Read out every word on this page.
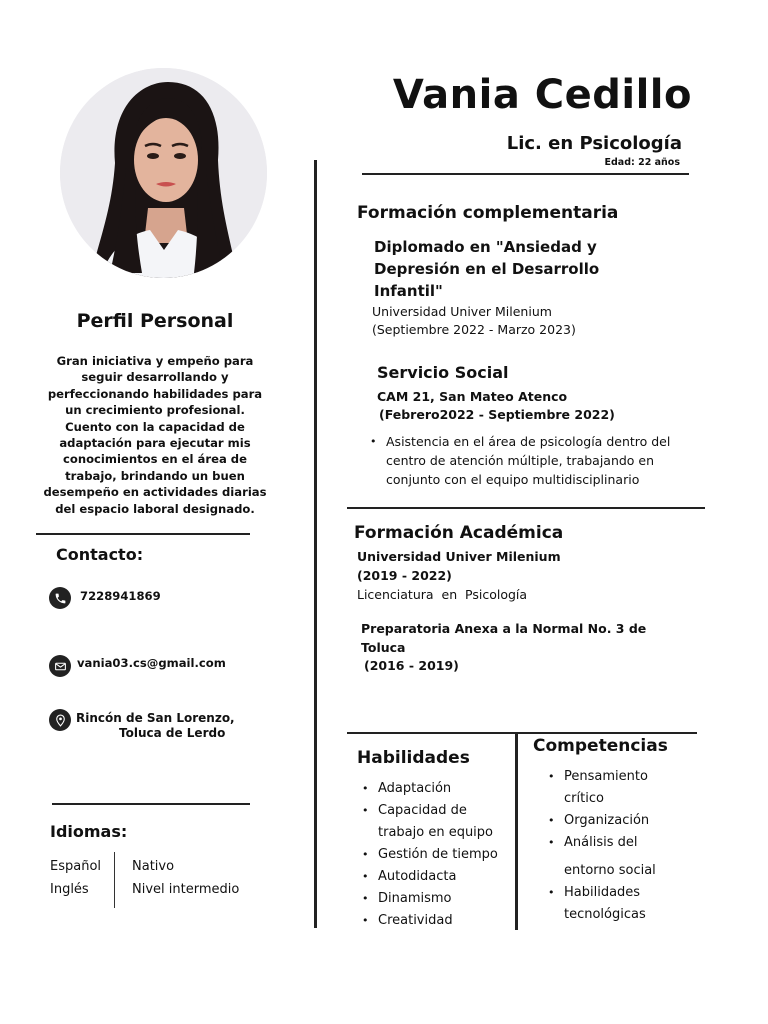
Perfil Personal
Gran iniciativa y empeño para seguir desarrollando y perfeccionando habilidades para un crecimiento profesional. Cuento con la capacidad de adaptación para ejecutar mis conocimientos en el área de trabajo, brindando un buen desempeño en actividades diarias del espacio laboral designado.
Contacto:
7228941869
vania03.cs@gmail.com
Rincón de San Lorenzo,
Toluca de Lerdo
Idiomas:
Español
Inglés
Nativo
Nivel intermedio
Vania Cedillo
Lic. en Psicología
Edad: 22 años
Formación complementaria
Diplomado en "Ansiedad y
Depresión en el Desarrollo
Infantil"
Universidad Univer Milenium
(Septiembre 2022 - Marzo 2023)
Servicio Social
CAM 21, San Mateo Atenco
(Febrero2022 - Septiembre 2022)
• Asistencia en el área de psicología dentro del centro de atención múltiple, trabajando en conjunto con el equipo multidisciplinario
Formación Académica
Universidad Univer Milenium
(2019 - 2022)
Licenciatura  en  Psicología
Preparatoria Anexa a la Normal No. 3 de
Toluca
(2016 - 2019)
Habilidades
• Adaptación
• Capacidad de
trabajo en equipo
• Gestión de tiempo
• Autodidacta
• Dinamismo
• Creatividad
Competencias
• Pensamiento
crítico
• Organización
• Análisis del
entorno social
• Habilidades
tecnológicas
